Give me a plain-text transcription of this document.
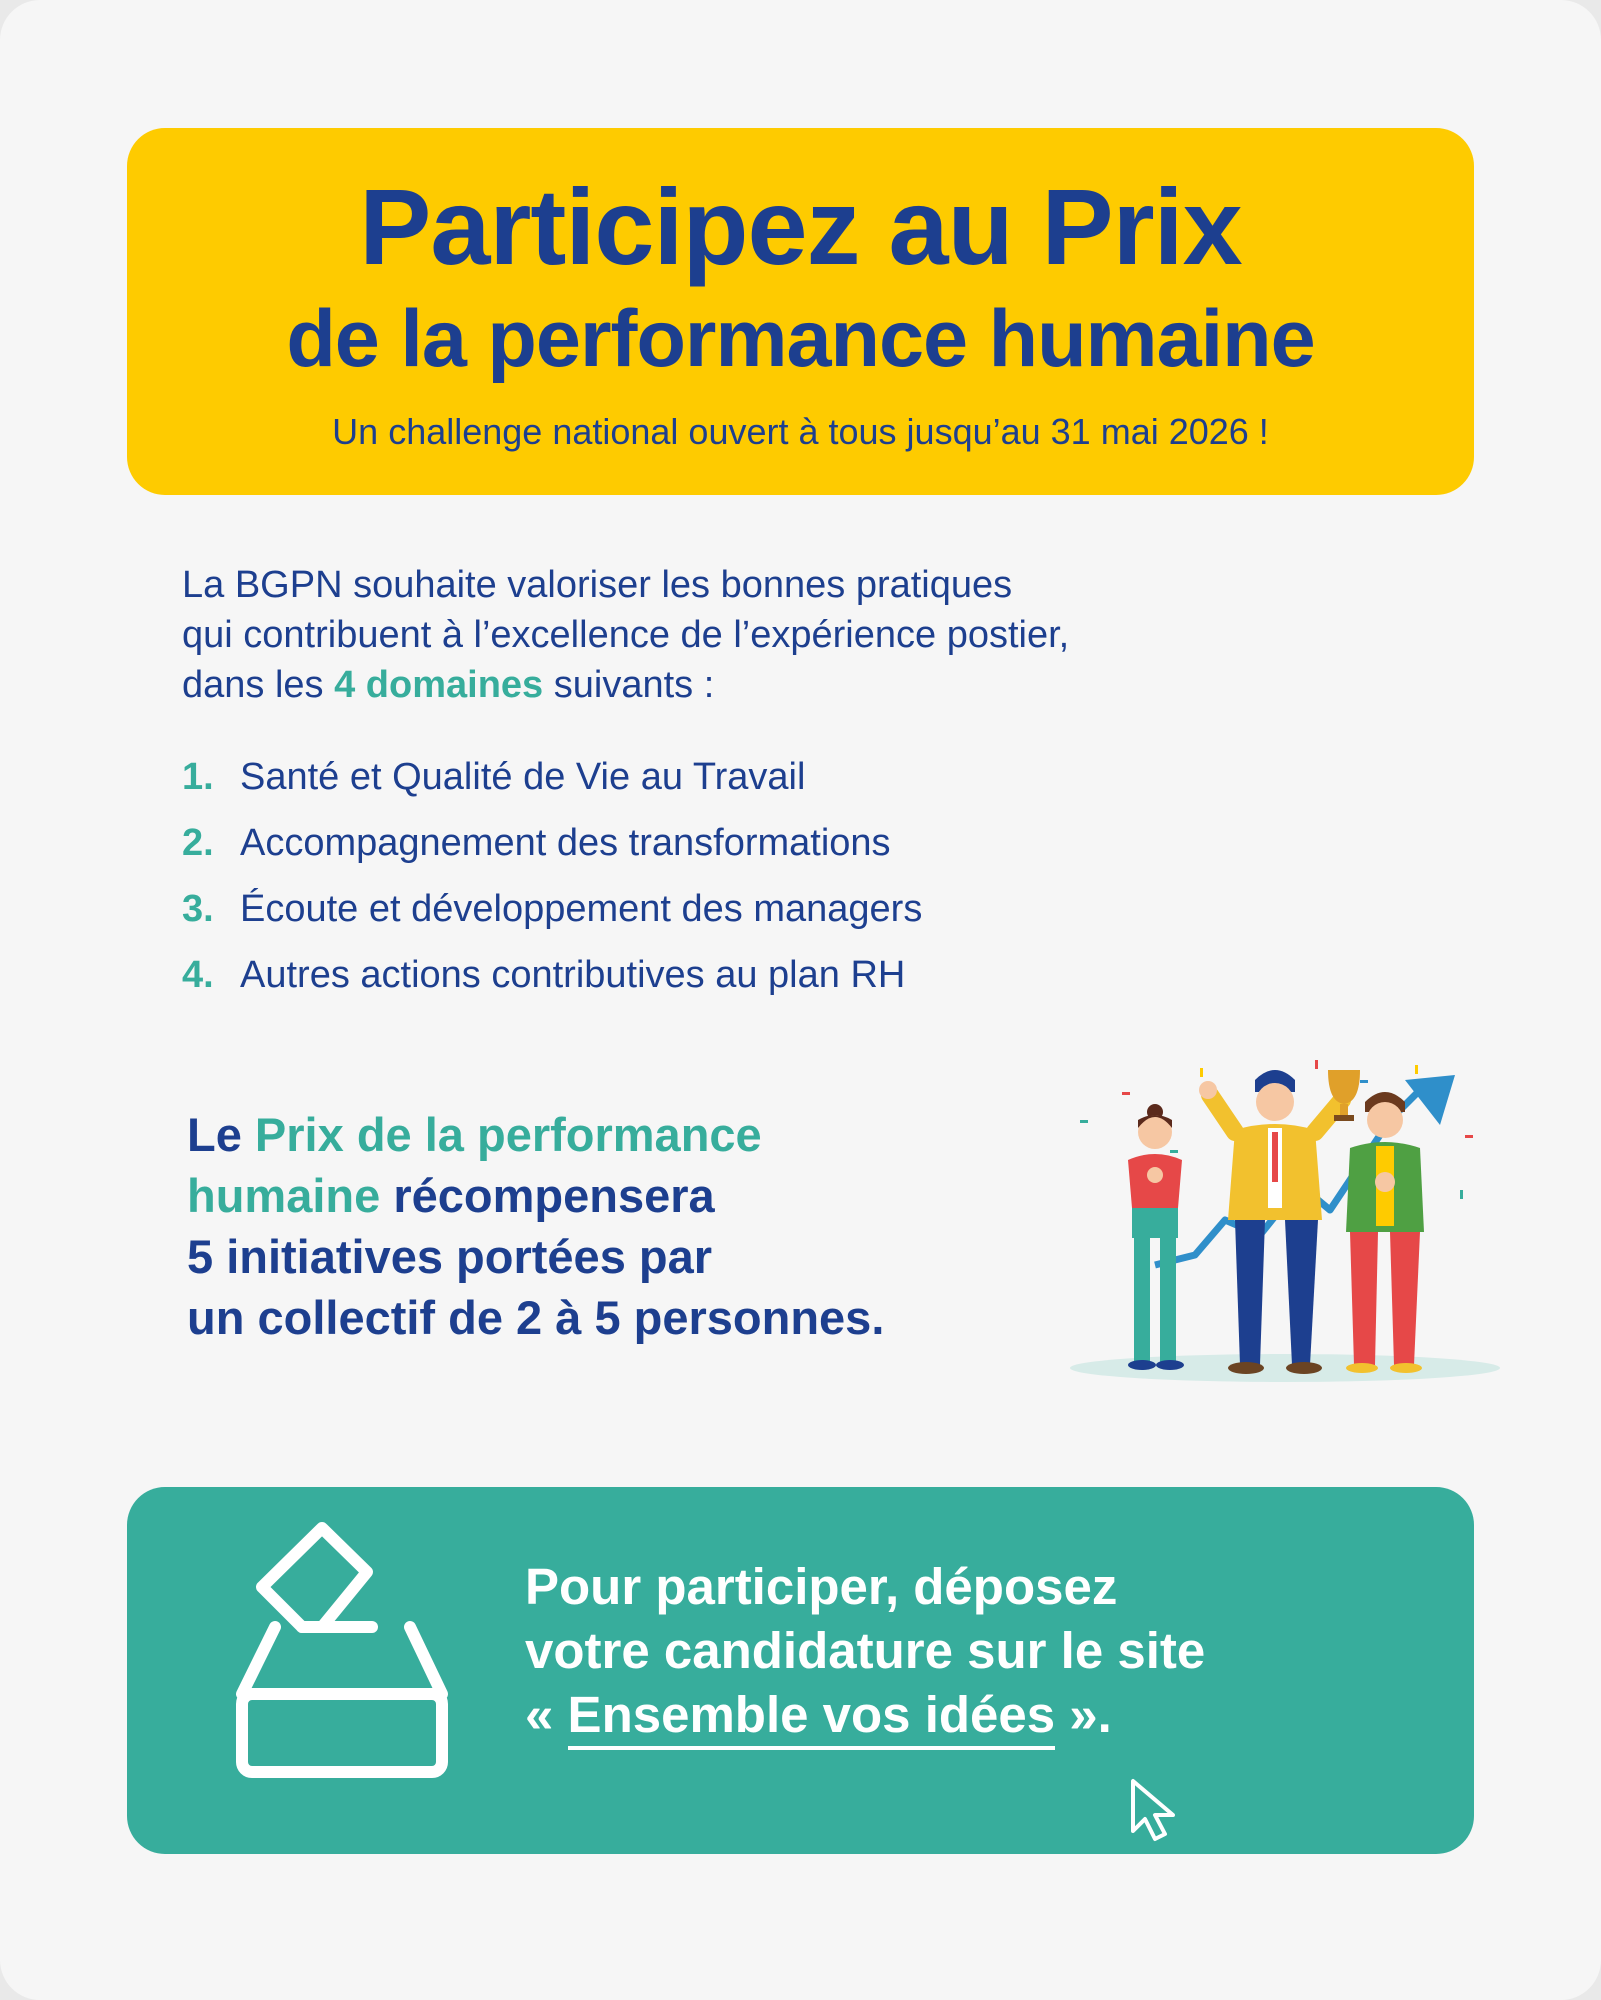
Participez au Prix
de la performance humaine
Un challenge national ouvert à tous jusqu’au 31 mai 2026 !
La BGPN souhaite valoriser les bonnes pratiques
qui contribuent à l’excellence de l’expérience postier,
dans les 4 domaines suivants :
1. Santé et Qualité de Vie au Travail
2. Accompagnement des transformations
3. Écoute et développement des managers
4. Autres actions contributives au plan RH
Le Prix de la performance
humaine récompensera
5 initiatives portées par
un collectif de 2 à 5 personnes.
Pour participer, déposez
votre candidature sur le site
« Ensemble vos idées ».
